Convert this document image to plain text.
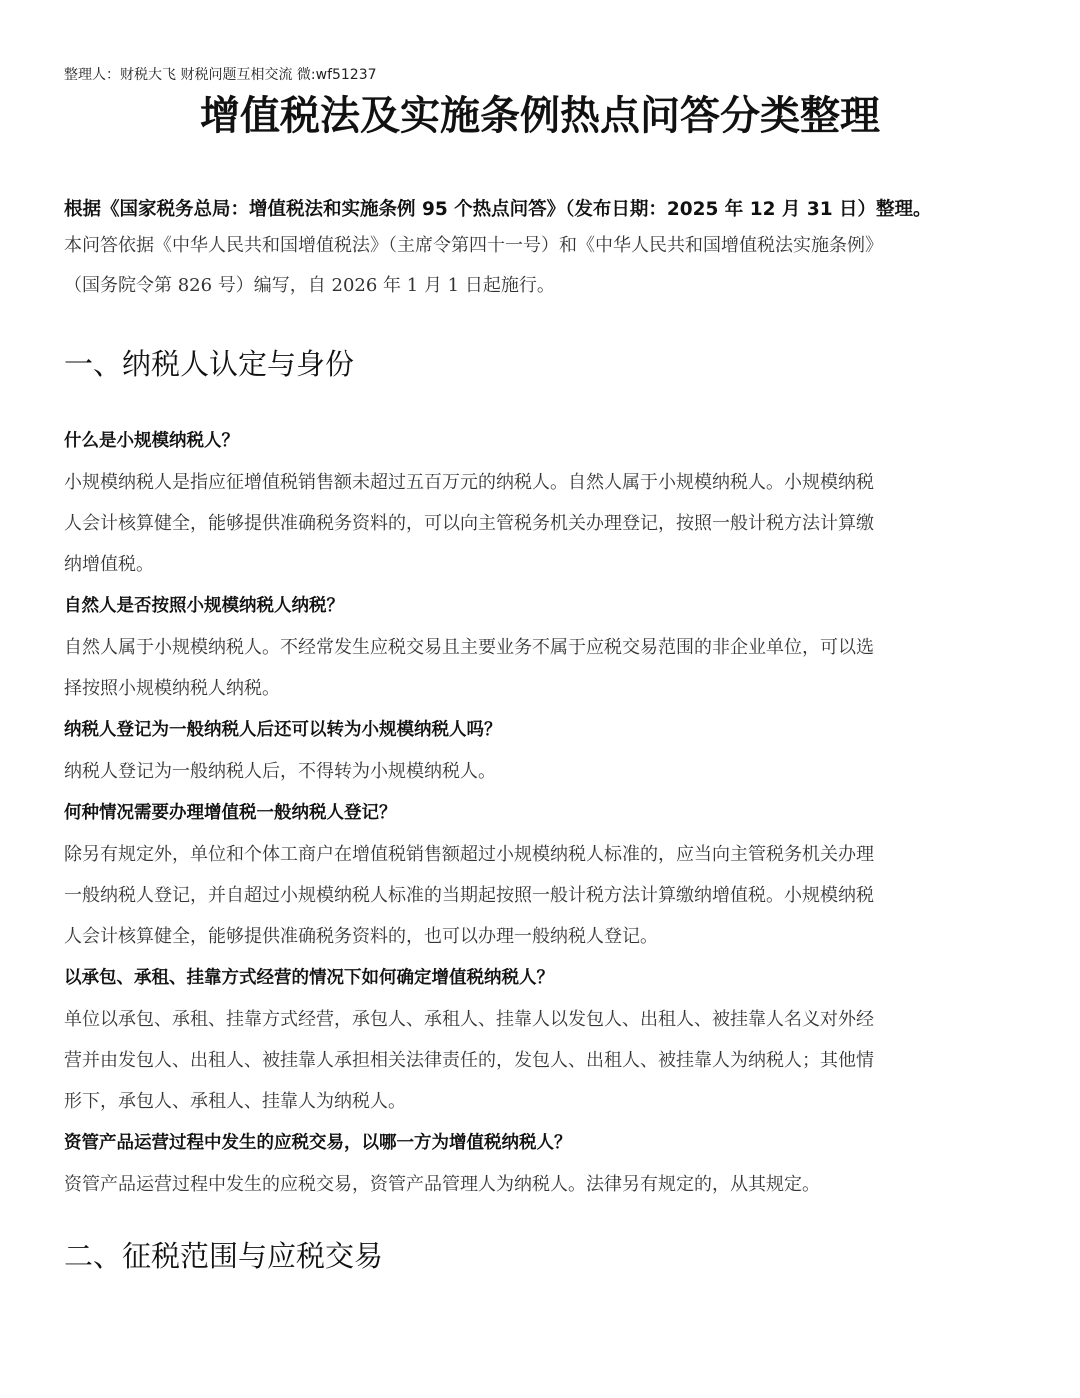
整理人：财税大飞 财税问题互相交流 微:wf51237
增值税法及实施条例热点问答分类整理
根据《国家税务总局：增值税法和实施条例 95 个热点问答》（发布日期：2025 年 12 月 31 日）整理。

本问答依据《中华人民共和国增值税法》（主席令第四十一号）和《中华人民共和国增值税法实施条例》
（国务院令第 826 号）编写，自 2026 年 1 月 1 日起施行。

一、纳税人认定与身份

什么是小规模纳税人？

小规模纳税人是指应征增值税销售额未超过五百万元的纳税人。自然人属于小规模纳税人。小规模纳税
人会计核算健全，能够提供准确税务资料的，可以向主管税务机关办理登记，按照一般计税方法计算缴
纳增值税。

自然人是否按照小规模纳税人纳税？

自然人属于小规模纳税人。不经常发生应税交易且主要业务不属于应税交易范围的非企业单位，可以选
择按照小规模纳税人纳税。

纳税人登记为一般纳税人后还可以转为小规模纳税人吗？

纳税人登记为一般纳税人后，不得转为小规模纳税人。

何种情况需要办理增值税一般纳税人登记？

除另有规定外，单位和个体工商户在增值税销售额超过小规模纳税人标准的，应当向主管税务机关办理
一般纳税人登记，并自超过小规模纳税人标准的当期起按照一般计税方法计算缴纳增值税。小规模纳税
人会计核算健全，能够提供准确税务资料的，也可以办理一般纳税人登记。

以承包、承租、挂靠方式经营的情况下如何确定增值税纳税人？

单位以承包、承租、挂靠方式经营，承包人、承租人、挂靠人以发包人、出租人、被挂靠人名义对外经
营并由发包人、出租人、被挂靠人承担相关法律责任的，发包人、出租人、被挂靠人为纳税人；其他情
形下，承包人、承租人、挂靠人为纳税人。

资管产品运营过程中发生的应税交易，以哪一方为增值税纳税人？

资管产品运营过程中发生的应税交易，资管产品管理人为纳税人。法律另有规定的，从其规定。

二、征税范围与应税交易
